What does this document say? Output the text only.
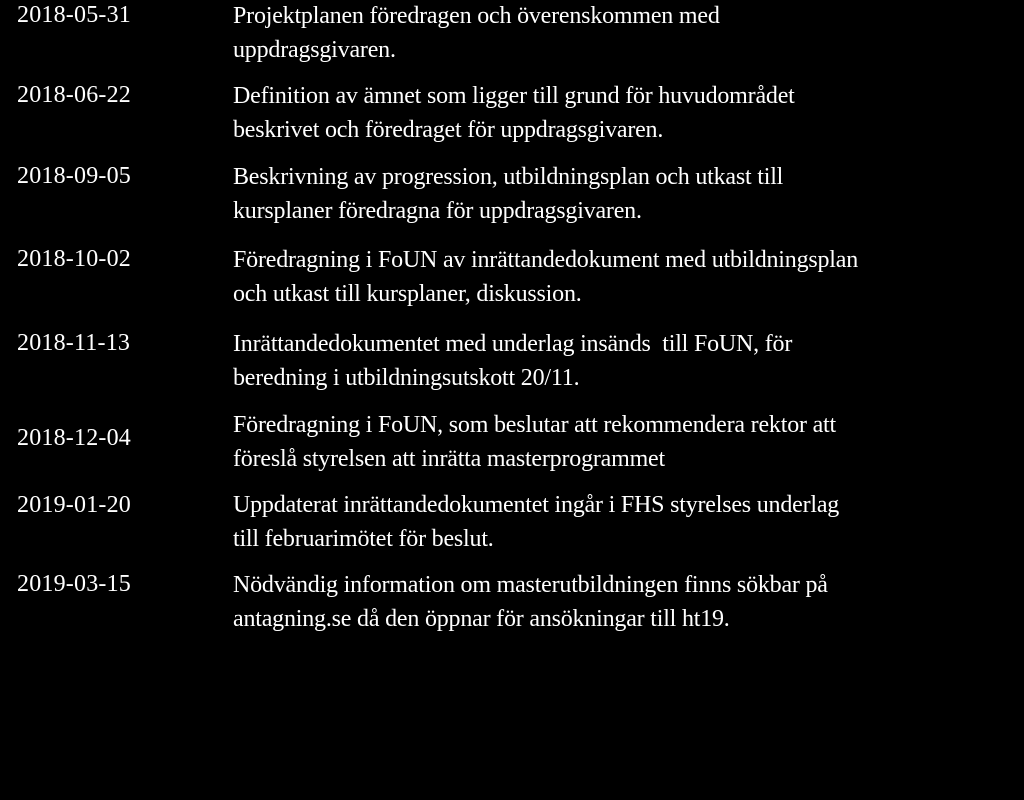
2018-05-31	Projektplanen föredragen och överenskommen med
uppdragsgivaren.
2018-06-22	Definition av ämnet som ligger till grund för huvudområdet
beskrivet och föredraget för uppdragsgivaren.
2018-09-05	Beskrivning av progression, utbildningsplan och utkast till
kursplaner föredragna för uppdragsgivaren.
2018-10-02	Föredragning i FoUN av inrättandedokument med utbildningsplan
och utkast till kursplaner, diskussion.
2018-11-13	Inrättandedokumentet med underlag insänds  till FoUN, för
beredning i utbildningsutskott 20/11.
2018-12-04	Föredragning i FoUN, som beslutar att rekommendera rektor att
föreslå styrelsen att inrätta masterprogrammet
2019-01-20	Uppdaterat inrättandedokumentet ingår i FHS styrelses underlag
till februarimötet för beslut.
2019-03-15	Nödvändig information om masterutbildningen finns sökbar på
antagning.se då den öppnar för ansökningar till ht19.
